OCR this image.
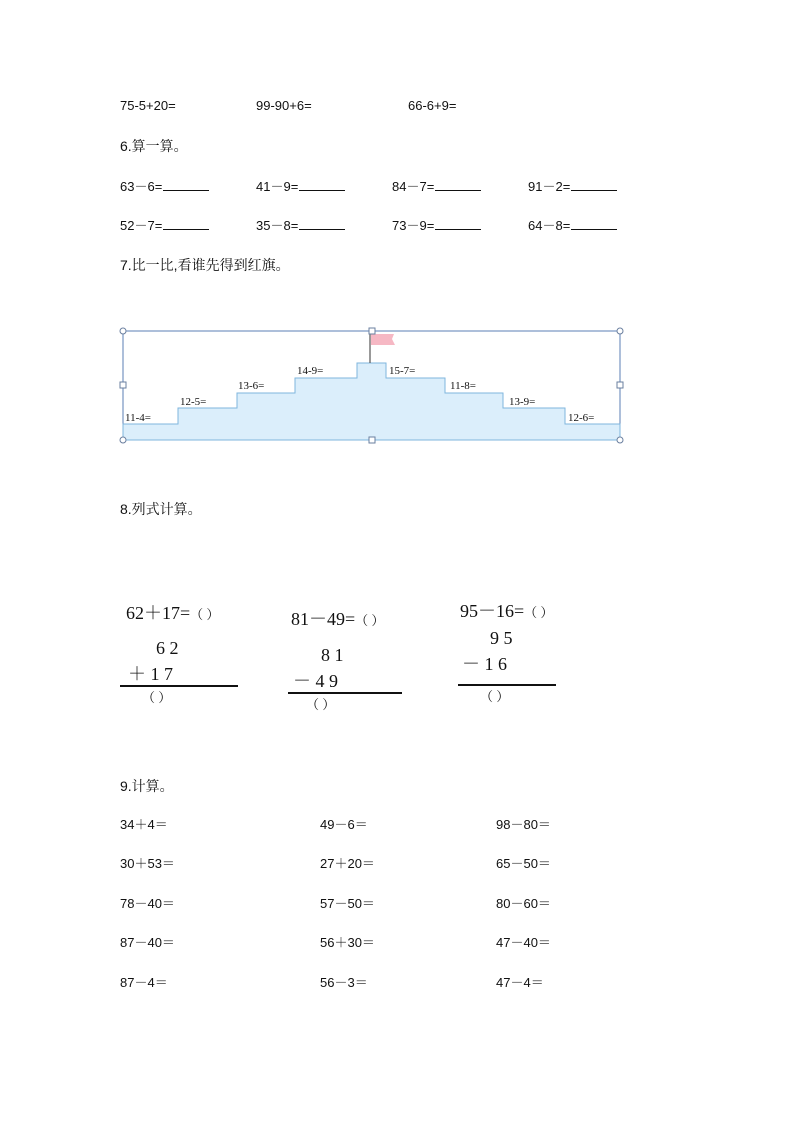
75-5+20=	99-90+6=	66-6+9=
6.算一算。
63－6=	41－9=	84－7=	91－2=
52－7=	35－8=	73－9=	64－8=
7.比一比,看谁先得到红旗。
11-4=
12-5=
13-6=
14-9=	15-7=
11-8=
13-9=
12-6=
8.列式计算。
62＋17=（ ）
6 2
＋ 1 7
（ ）
81－49=（ ）
8 1
－ 4 9
（ ）
95－16=（ ）
9 5
－ 1 6
（ ）
9.计算。
34＋4＝	49－6＝	98－80＝
30＋53＝	27＋20＝	65－50＝
78－40＝	57－50＝	80－60＝
87－40＝	56＋30＝	47－40＝
87－4＝	56－3＝	47－4＝
